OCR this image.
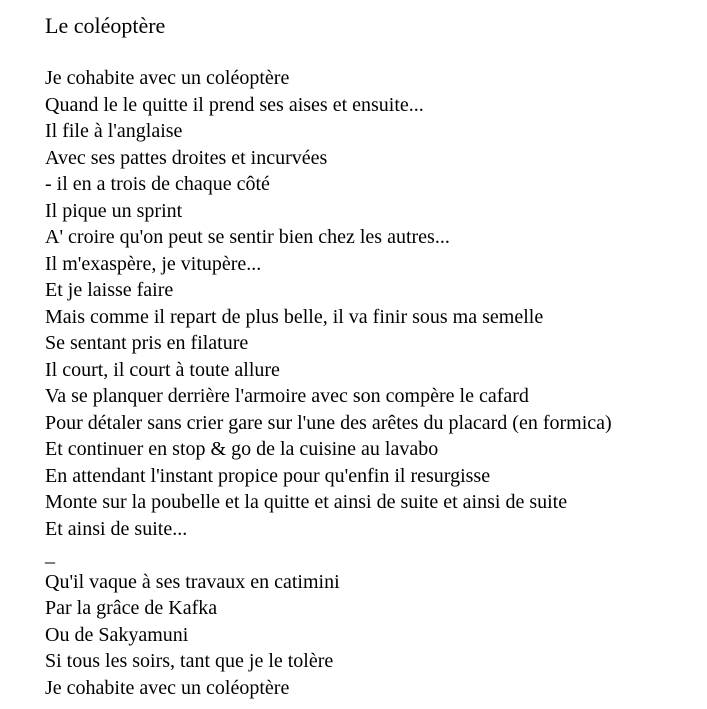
Le coléoptère
Je cohabite avec un coléoptère
Quand le le quitte il prend ses aises et ensuite...
Il file à l'anglaise
Avec ses pattes droites et incurvées
- il en a trois de chaque côté
Il pique un sprint
A' croire qu'on peut se sentir bien chez les autres...
Il m'exaspère, je vitupère...
Et je laisse faire
Mais comme il repart de plus belle, il va finir sous ma semelle
Se sentant pris en filature
Il court, il court à toute allure
Va se planquer derrière l'armoire avec son compère le cafard
Pour détaler sans crier gare sur l'une des arêtes du placard (en formica)
Et continuer en stop & go de la cuisine au lavabo
En attendant l'instant propice pour qu'enfin il resurgisse
Monte sur la poubelle et la quitte et ainsi de suite et ainsi de suite
Et ainsi de suite...
_
Qu'il vaque à ses travaux en catimini
Par la grâce de Kafka
Ou de Sakyamuni
Si tous les soirs, tant que je le tolère
Je cohabite avec un coléoptère
